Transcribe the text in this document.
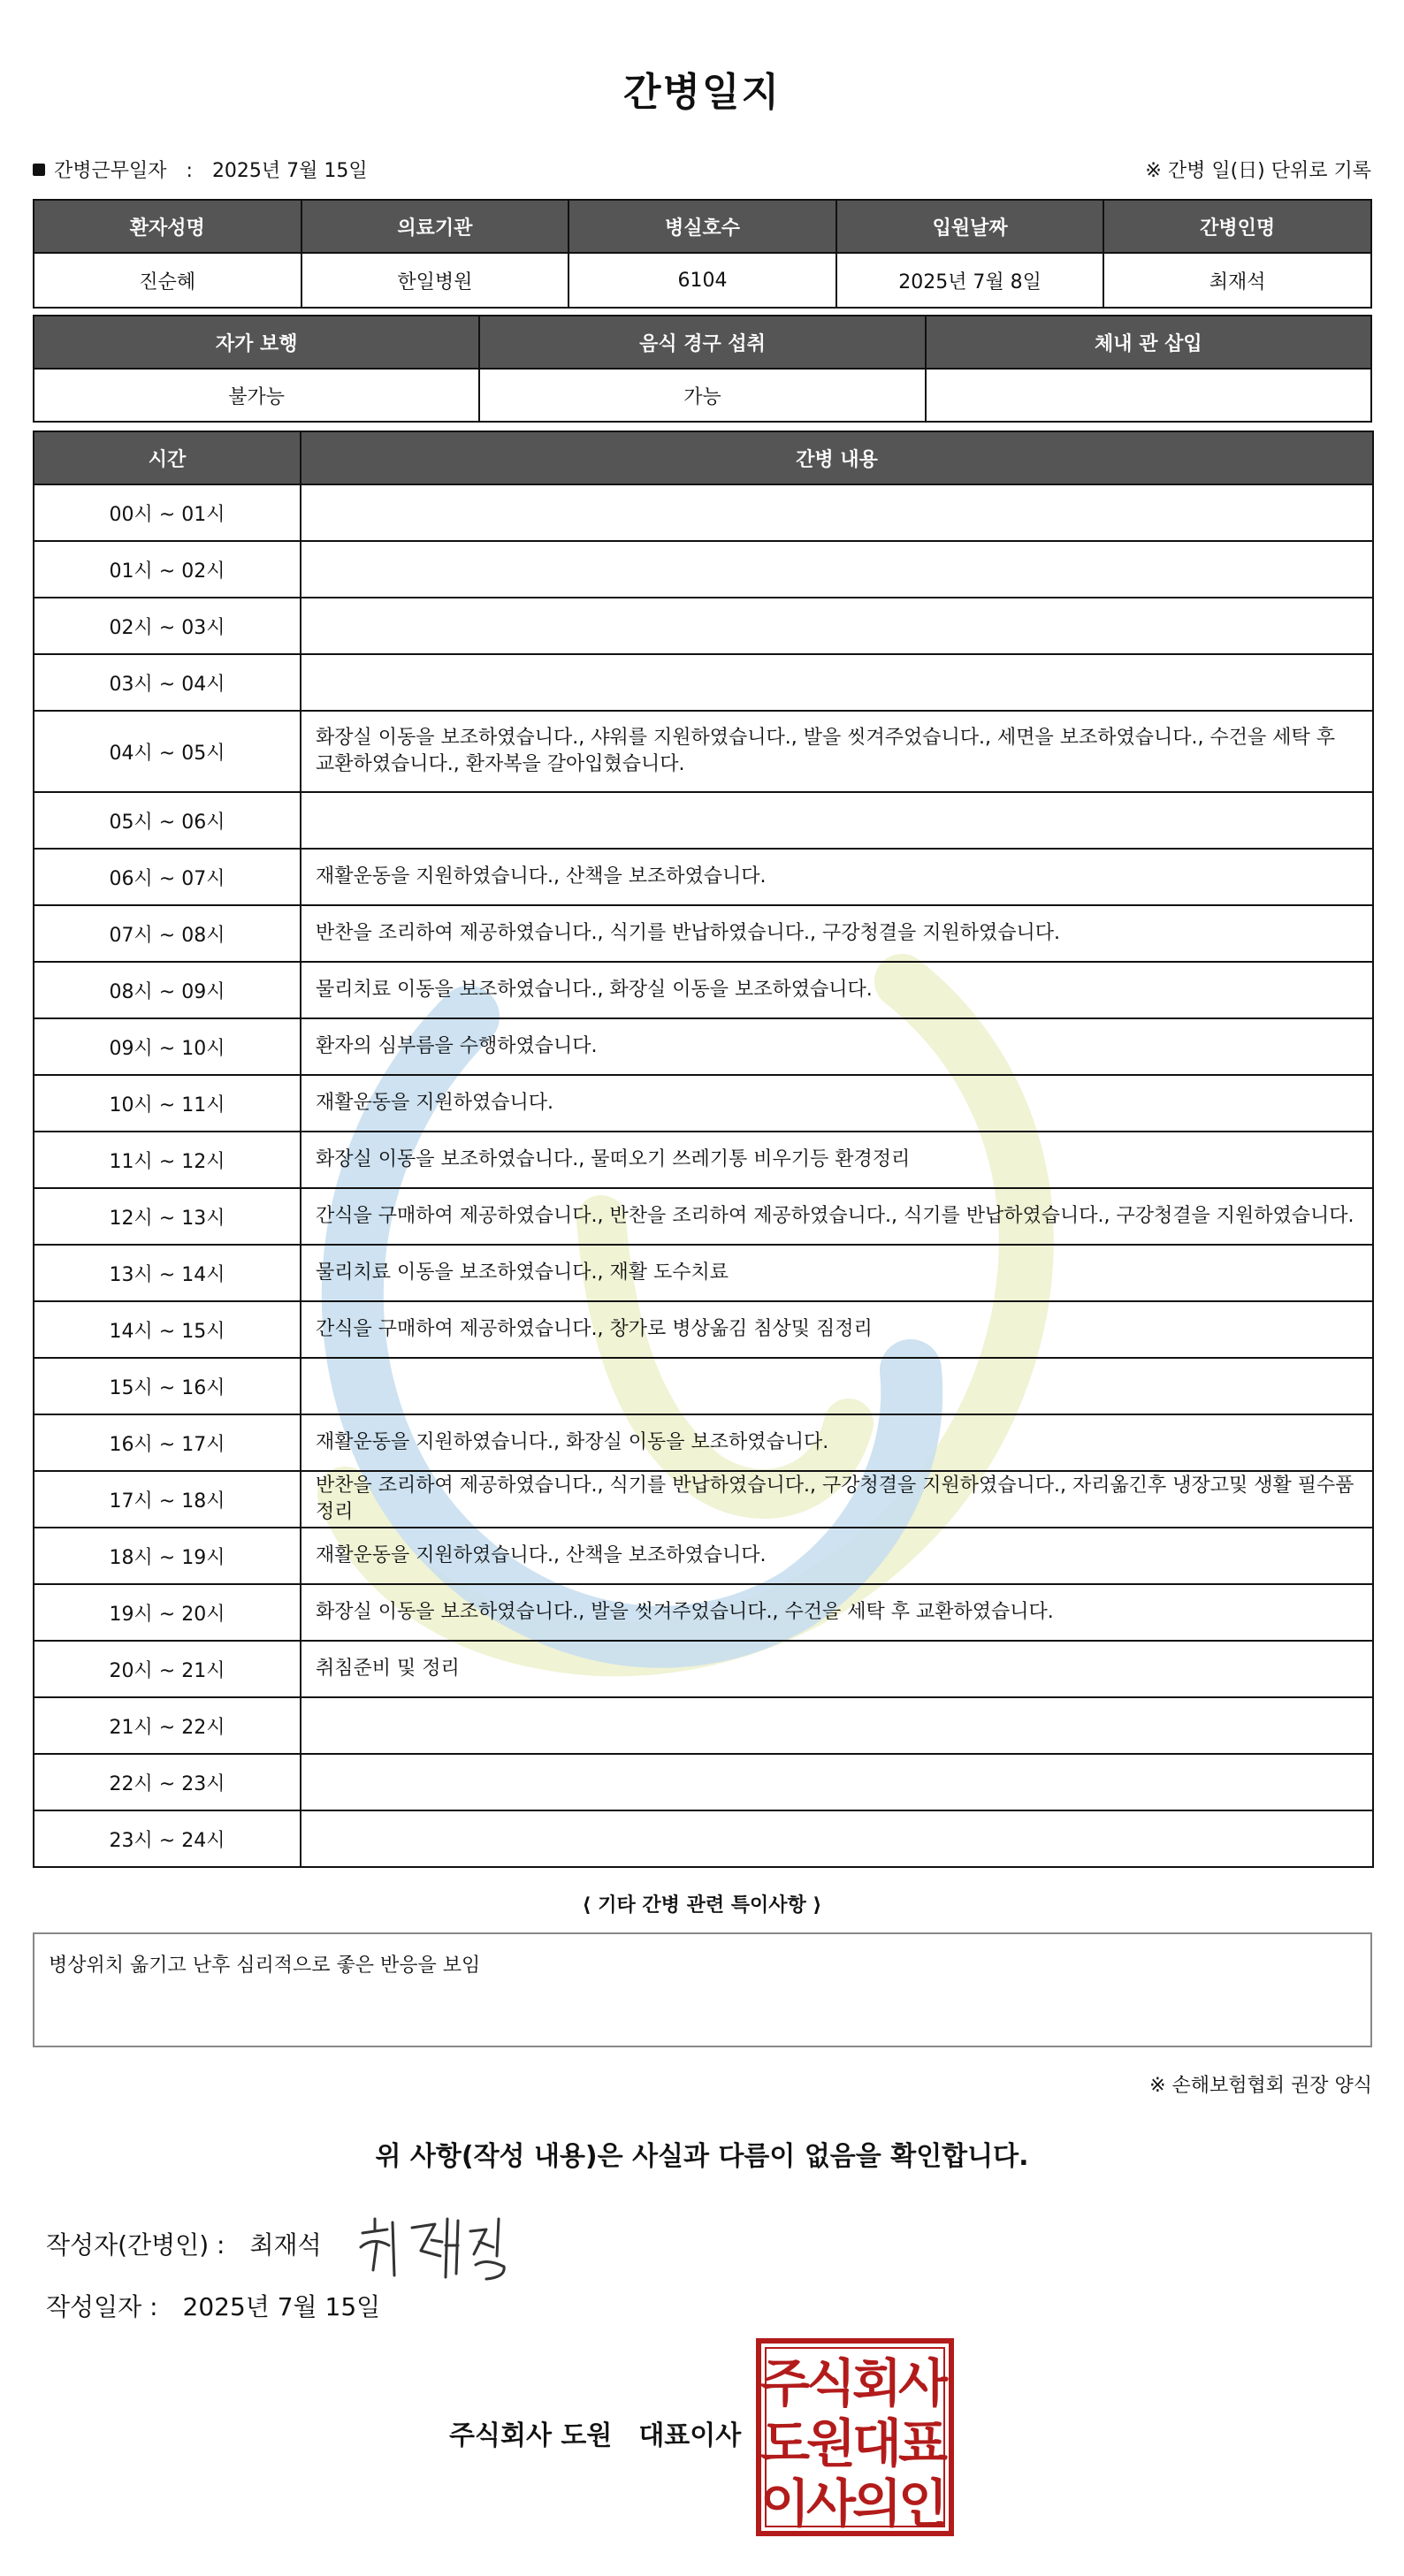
간병일지
간병근무일자 : 2025년 7월 15일	※ 간병 일(日) 단위로 기록
환자성명	의료기관	병실호수	입원날짜	간병인명
진순혜	한일병원	6104	2025년 7월 8일	최재석
자가 보행	음식 경구 섭취	체내 관 삽입
불가능	가능	
시간	간병 내용
00시 ~ 01시	
01시 ~ 02시	
02시 ~ 03시	
03시 ~ 04시	
04시 ~ 05시	화장실 이동을 보조하였습니다., 샤워를 지원하였습니다., 발을 씻겨주었습니다., 세면을 보조하였습니다., 수건을 세탁 후 교환하였습니다., 환자복을 갈아입혔습니다.
05시 ~ 06시	
06시 ~ 07시	재활운동을 지원하였습니다., 산책을 보조하였습니다.
07시 ~ 08시	반찬을 조리하여 제공하였습니다., 식기를 반납하였습니다., 구강청결을 지원하였습니다.
08시 ~ 09시	물리치료 이동을 보조하였습니다., 화장실 이동을 보조하였습니다.
09시 ~ 10시	환자의 심부름을 수행하였습니다.
10시 ~ 11시	재활운동을 지원하였습니다.
11시 ~ 12시	화장실 이동을 보조하였습니다., 물떠오기 쓰레기통 비우기등 환경정리
12시 ~ 13시	간식을 구매하여 제공하였습니다., 반찬을 조리하여 제공하였습니다., 식기를 반납하였습니다., 구강청결을 지원하였습니다.
13시 ~ 14시	물리치료 이동을 보조하였습니다., 재활 도수치료
14시 ~ 15시	간식을 구매하여 제공하였습니다., 창가로 병상옮김 침상및 짐정리
15시 ~ 16시	
16시 ~ 17시	재활운동을 지원하였습니다., 화장실 이동을 보조하였습니다.
17시 ~ 18시	반찬을 조리하여 제공하였습니다., 식기를 반납하였습니다., 구강청결을 지원하였습니다., 자리옮긴후 냉장고및 생활 필수품 정리
18시 ~ 19시	재활운동을 지원하였습니다., 산책을 보조하였습니다.
19시 ~ 20시	화장실 이동을 보조하였습니다., 발을 씻겨주었습니다., 수건을 세탁 후 교환하였습니다.
20시 ~ 21시	취침준비 및 정리
21시 ~ 22시	
22시 ~ 23시	
23시 ~ 24시	
⟨ 기타 간병 관련 특이사항 ⟩
병상위치 옮기고 난후 심리적으로 좋은 반응을 보임
※ 손해보험협회 권장 양식
위 사항(작성 내용)은 사실과 다름이 없음을 확인합니다.
작성자(간병인) : 최재석
작성일자 : 2025년 7월 15일
주식회사 도원 대표이사
주
식
회
사
도
원
대
표
이
사
의
인
